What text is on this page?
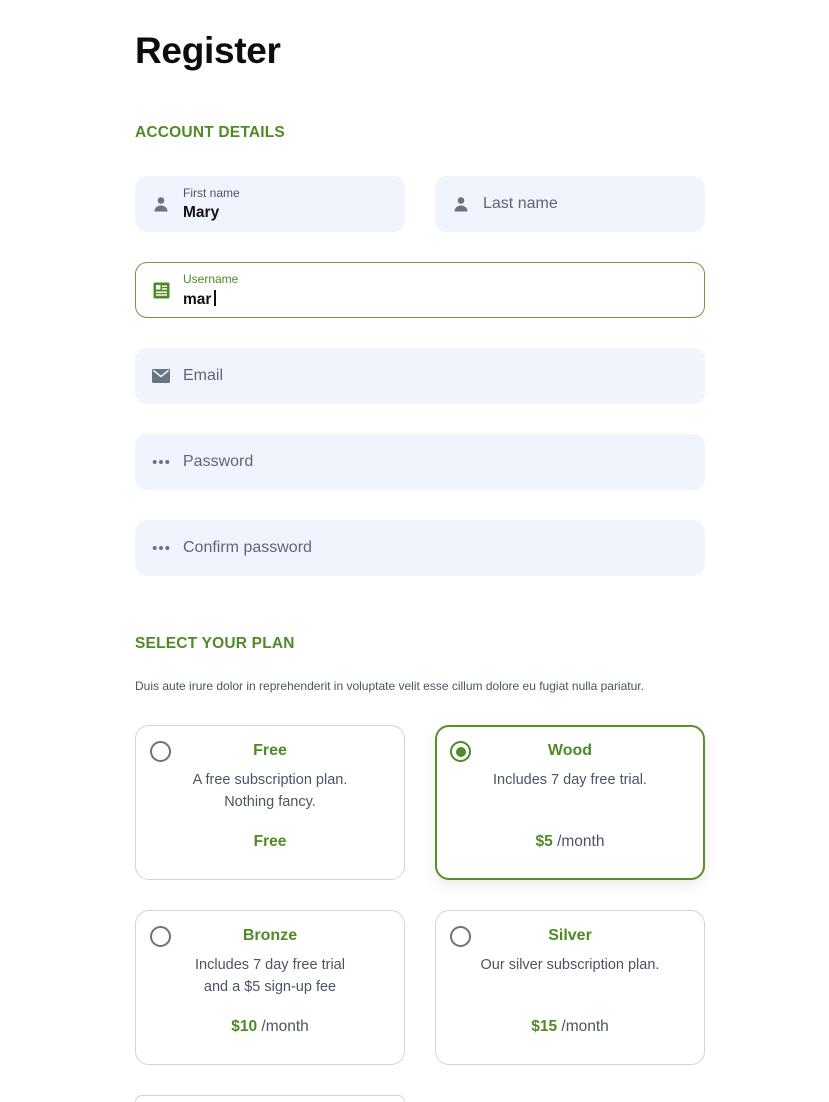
Register
ACCOUNT DETAILS
First name
Mary
Last name
Username
mar
Email
Password
Confirm password
SELECT YOUR PLAN
Duis aute irure dolor in reprehenderit in voluptate velit esse cillum dolore eu fugiat nulla pariatur.
Free
A free subscription plan.
Nothing fancy.
Free
Wood
Includes 7 day free trial.
$5 /month
Bronze
Includes 7 day free trial
and a $5 sign-up fee
$10 /month
Silver
Our silver subscription plan.
$15 /month
